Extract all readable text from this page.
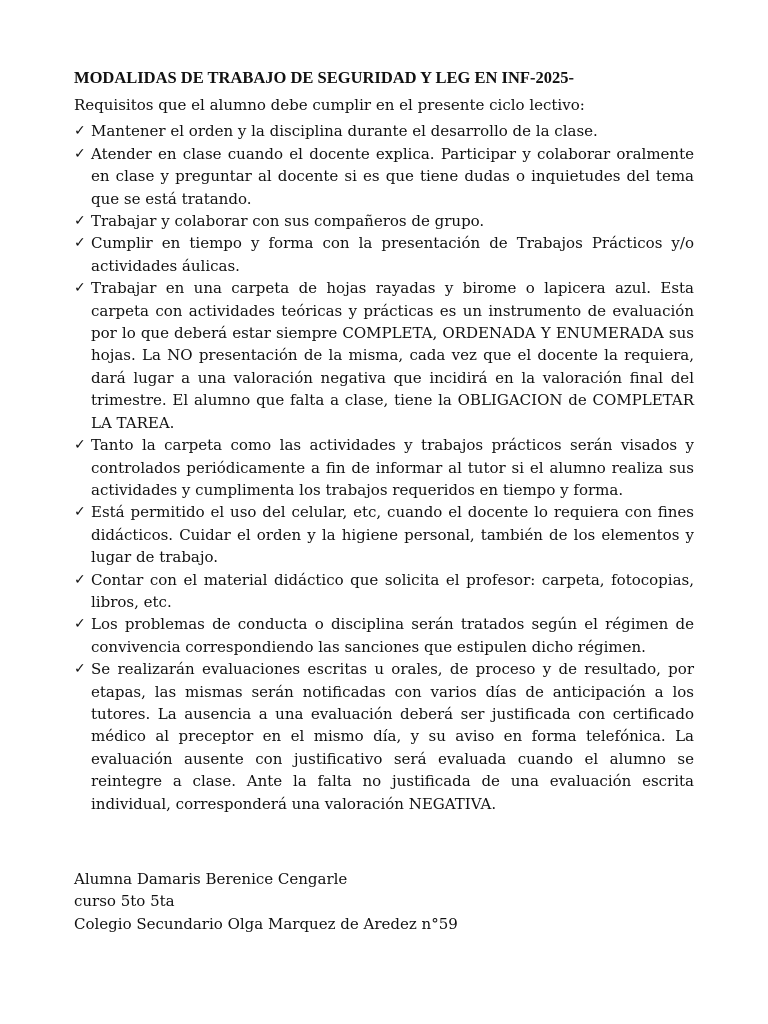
MODALIDAS DE TRABAJO DE SEGURIDAD Y LEG EN INF-2025-
Requisitos que el alumno debe cumplir en el presente ciclo lectivo:
✓ Mantener el orden y la disciplina durante el desarrollo de la clase.
✓ Atender en clase cuando el docente explica. Participar y colaborar oralmente en clase y preguntar al docente si es que tiene dudas o inquietudes del tema que se está tratando.
✓ Trabajar y colaborar con sus compañeros de grupo.
✓ Cumplir en tiempo y forma con la presentación de Trabajos Prácticos y/o actividades áulicas.
✓ Trabajar en una carpeta de hojas rayadas y birome o lapicera azul. Esta carpeta con actividades teóricas y prácticas es un instrumento de evaluación por lo que deberá estar siempre COMPLETA, ORDENADA Y ENUMERADA sus hojas. La NO presentación de la misma, cada vez que el docente la requiera, dará lugar a una valoración negativa que incidirá en la valoración final del trimestre. El alumno que falta a clase, tiene la OBLIGACION de COMPLETAR LA TAREA.
✓ Tanto la carpeta como las actividades y trabajos prácticos serán visados y controlados periódicamente a fin de informar al tutor si el alumno realiza sus actividades y cumplimenta los trabajos requeridos en tiempo y forma.
✓ Está permitido el uso del celular, etc, cuando el docente lo requiera con fines didácticos. Cuidar el orden y la higiene personal, también de los elementos y lugar de trabajo.
✓ Contar con el material didáctico que solicita el profesor: carpeta, fotocopias, libros, etc.
✓ Los problemas de conducta o disciplina serán tratados según el régimen de convivencia correspondiendo las sanciones que estipulen dicho régimen.
✓ Se realizarán evaluaciones escritas u orales, de proceso y de resultado, por etapas, las mismas serán notificadas con varios días de anticipación a los tutores. La ausencia a una evaluación deberá ser justificada con certificado médico al preceptor en el mismo día, y su aviso en forma telefónica. La evaluación ausente con justificativo será evaluada cuando el alumno se reintegre a clase. Ante la falta no justificada de una evaluación escrita individual, corresponderá una valoración NEGATIVA.
Alumna Damaris Berenice Cengarle
curso 5to 5ta
Colegio Secundario Olga Marquez de Aredez n°59
